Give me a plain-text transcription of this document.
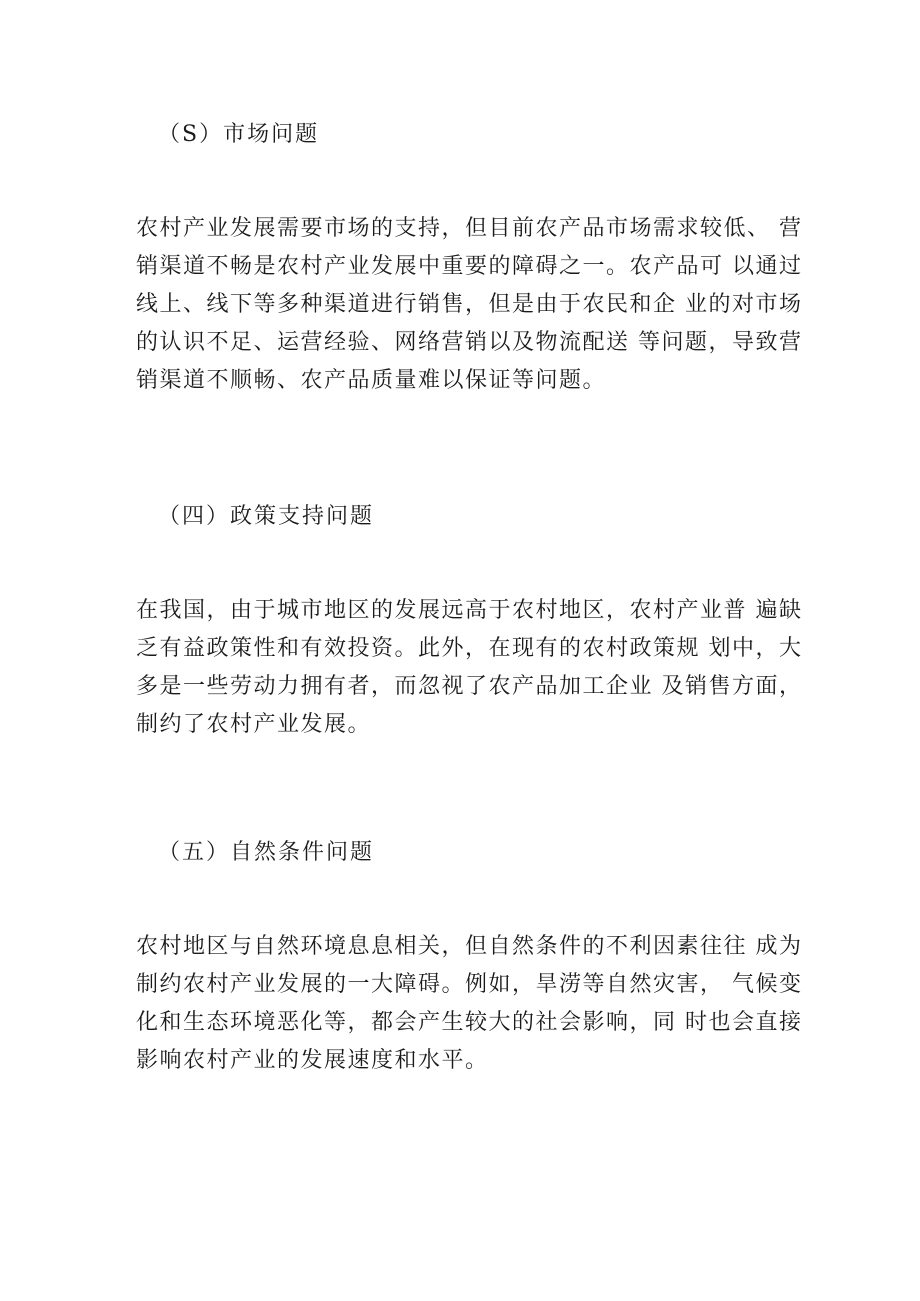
（S）市场问题
农村产业发展需要市场的支持，但目前农产品市场需求较低、 营
销渠道不畅是农村产业发展中重要的障碍之一。农产品可 以通过
线上、线下等多种渠道进行销售，但是由于农民和企 业的对市场
的认识不足、运营经验、网络营销以及物流配送 等问题，导致营
销渠道不顺畅、农产品质量难以保证等问题。
（四）政策支持问题
在我国，由于城市地区的发展远高于农村地区，农村产业普 遍缺
乏有益政策性和有效投资。此外，在现有的农村政策规 划中，大
多是一些劳动力拥有者，而忽视了农产品加工企业 及销售方面，
制约了农村产业发展。
（五）自然条件问题
农村地区与自然环境息息相关，但自然条件的不利因素往往 成为
制约农村产业发展的一大障碍。例如，旱涝等自然灾害， 气候变
化和生态环境恶化等，都会产生较大的社会影响，同 时也会直接
影响农村产业的发展速度和水平。
